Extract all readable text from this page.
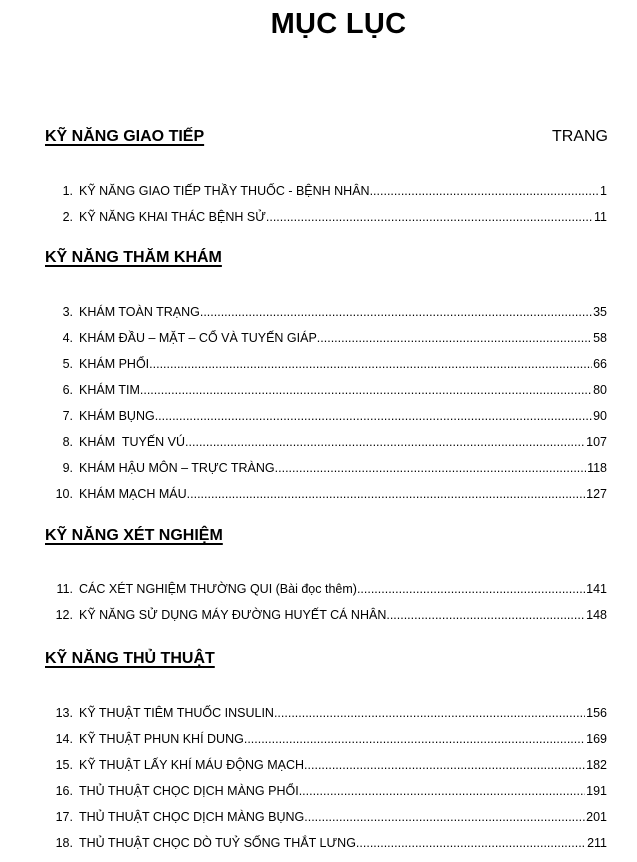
MỤC LỤC
KỸ NĂNG GIAO TIẾP	TRANG
1. KỸ NĂNG GIAO TIẾP THẦY THUỐC - BỆNH NHÂN .....	1
2. KỸ NĂNG KHAI THÁC BỆNH SỬ .....	11
KỸ NĂNG THĂM KHÁM
3. KHÁM TOÀN TRẠNG .....	35
4. KHÁM ĐẦU – MẶT – CỔ VÀ TUYẾN GIÁP .....	58
5. KHÁM PHỔI .....	66
6. KHÁM TIM .....	80
7. KHÁM BỤNG .....	90
8. KHÁM  TUYẾN VÚ .....	107
9. KHÁM HẬU MÔN – TRỰC TRÀNG .....	118
10. KHÁM MẠCH MÁU .....	127
KỸ NĂNG XÉT NGHIỆM
11. CÁC XÉT NGHIỆM THƯỜNG QUI (Bài đọc thêm) .....	141
12. KỸ NĂNG SỬ DỤNG MÁY ĐƯỜNG HUYẾT CÁ NHÂN .....	148
KỸ NĂNG THỦ THUẬT
13. KỸ THUẬT TIÊM THUỐC INSULIN .....	156
14. KỸ THUẬT PHUN KHÍ DUNG .....	169
15. KỸ THUẬT LẤY KHÍ MÁU ĐỘNG MẠCH .....	182
16. THỦ THUẬT CHỌC DỊCH MÀNG PHỔI .....	191
17. THỦ THUẬT CHỌC DỊCH MÀNG BỤNG .....	201
18. THỦ THUẬT CHỌC DÒ TUỶ SỐNG THẮT LƯNG .....	211
